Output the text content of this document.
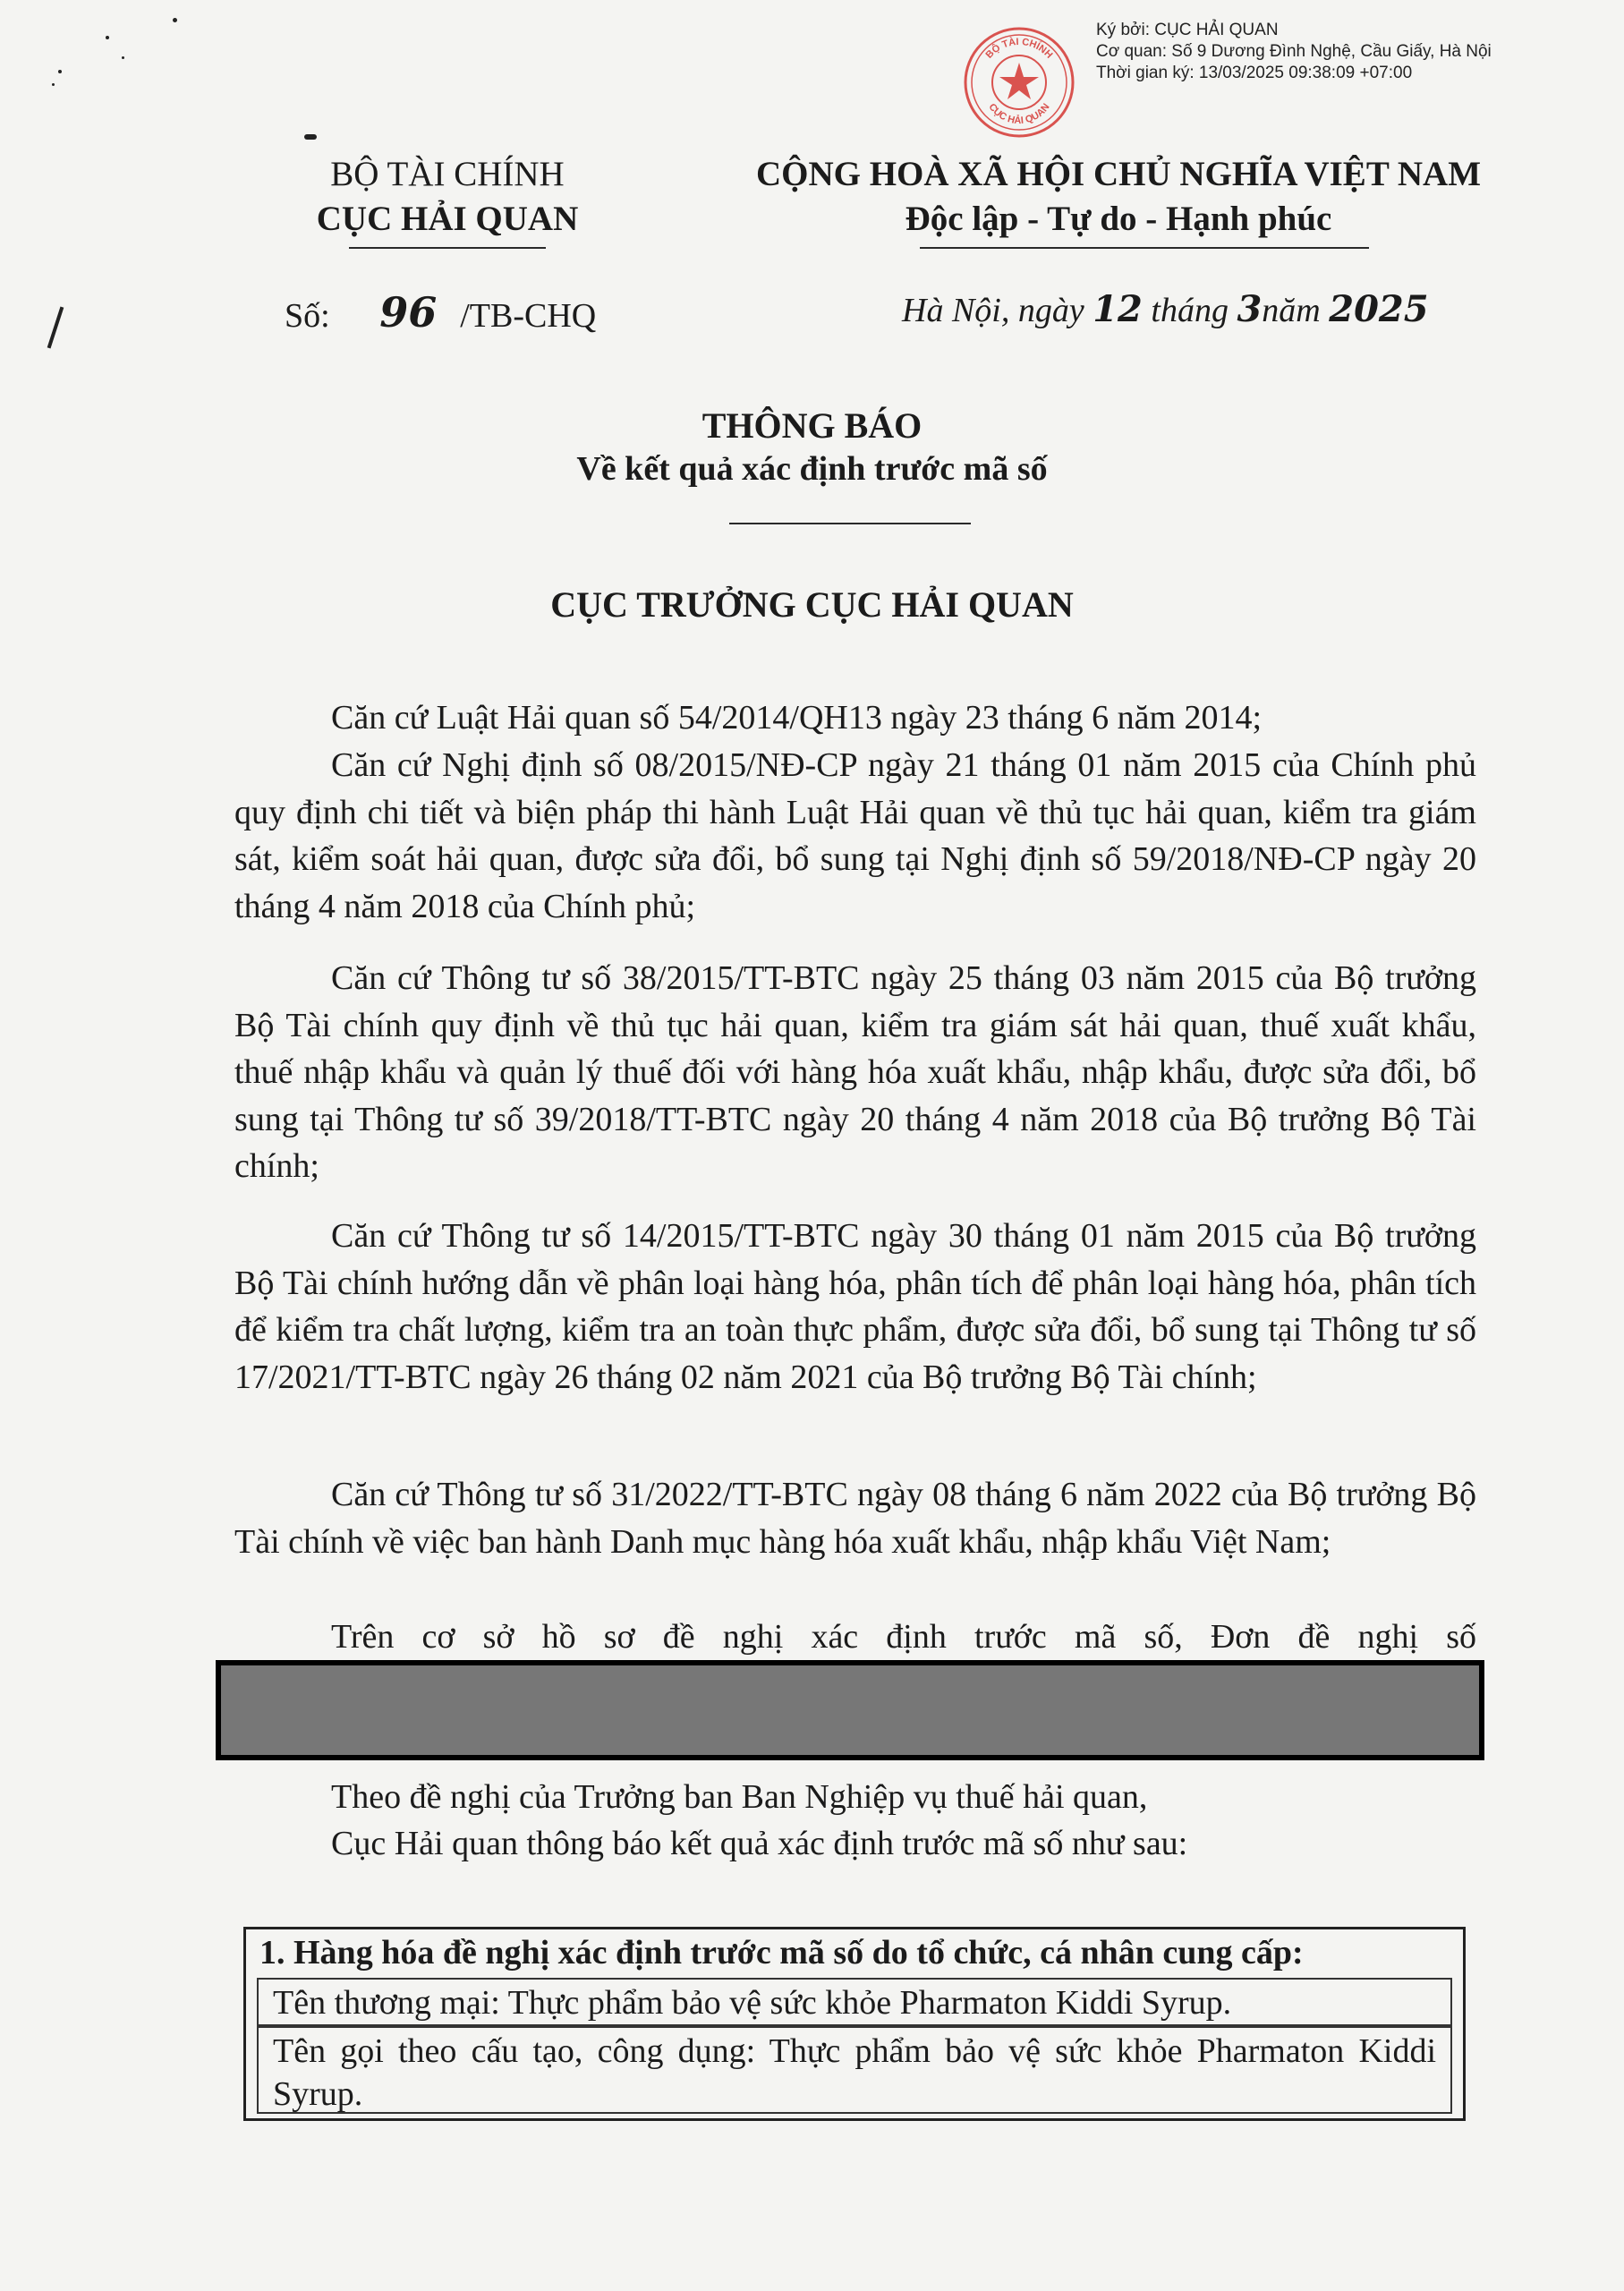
Ký bởi: CỤC HẢI QUAN
Cơ quan: Số 9 Dương Đình Nghệ, Cầu Giấy, Hà Nội
Thời gian ký: 13/03/2025 09:38:09 +07:00
BỘ TÀI CHÍNH
CỤC HẢI QUAN
BỘ TÀI CHÍNH
CỤC HẢI QUAN
CỘNG HOÀ XÃ HỘI CHỦ NGHĨA VIỆT NAM
Độc lập - Tự do - Hạnh phúc
Số: 96 /TB-CHQ	Hà Nội, ngày 12 tháng 3năm 2025
THÔNG BÁO
Về kết quả xác định trước mã số
CỤC TRƯỞNG CỤC HẢI QUAN
Căn cứ Luật Hải quan số 54/2014/QH13 ngày 23 tháng 6 năm 2014;
Căn cứ Nghị định số 08/2015/NĐ-CP ngày 21 tháng 01 năm 2015 của Chính phủ quy định chi tiết và biện pháp thi hành Luật Hải quan về thủ tục hải quan, kiểm tra giám sát, kiểm soát hải quan, được sửa đổi, bổ sung tại Nghị định số 59/2018/NĐ-CP ngày 20 tháng 4 năm 2018 của Chính phủ;
Căn cứ Thông tư số 38/2015/TT-BTC ngày 25 tháng 03 năm 2015 của Bộ trưởng Bộ Tài chính quy định về thủ tục hải quan, kiểm tra giám sát hải quan, thuế xuất khẩu, thuế nhập khẩu và quản lý thuế đối với hàng hóa xuất khẩu, nhập khẩu, được sửa đổi, bổ sung tại Thông tư số 39/2018/TT-BTC ngày 20 tháng 4 năm 2018 của Bộ trưởng Bộ Tài chính;
Căn cứ Thông tư số 14/2015/TT-BTC ngày 30 tháng 01 năm 2015 của Bộ trưởng Bộ Tài chính hướng dẫn về phân loại hàng hóa, phân tích để phân loại hàng hóa, phân tích để kiểm tra chất lượng, kiểm tra an toàn thực phẩm, được sửa đổi, bổ sung tại Thông tư số 17/2021/TT-BTC ngày 26 tháng 02 năm 2021 của Bộ trưởng Bộ Tài chính;
Căn cứ Thông tư số 31/2022/TT-BTC ngày 08 tháng 6 năm 2022 của Bộ trưởng Bộ Tài chính về việc ban hành Danh mục hàng hóa xuất khẩu, nhập khẩu Việt Nam;
Trên cơ sở hồ sơ đề nghị xác định trước mã số, Đơn đề nghị số
Theo đề nghị của Trưởng ban Ban Nghiệp vụ thuế hải quan,
Cục Hải quan thông báo kết quả xác định trước mã số như sau:
1. Hàng hóa đề nghị xác định trước mã số do tổ chức, cá nhân cung cấp:
Tên thương mại: Thực phẩm bảo vệ sức khỏe Pharmaton Kiddi Syrup.
Tên gọi theo cấu tạo, công dụng: Thực phẩm bảo vệ sức khỏe Pharmaton Kiddi Syrup.
